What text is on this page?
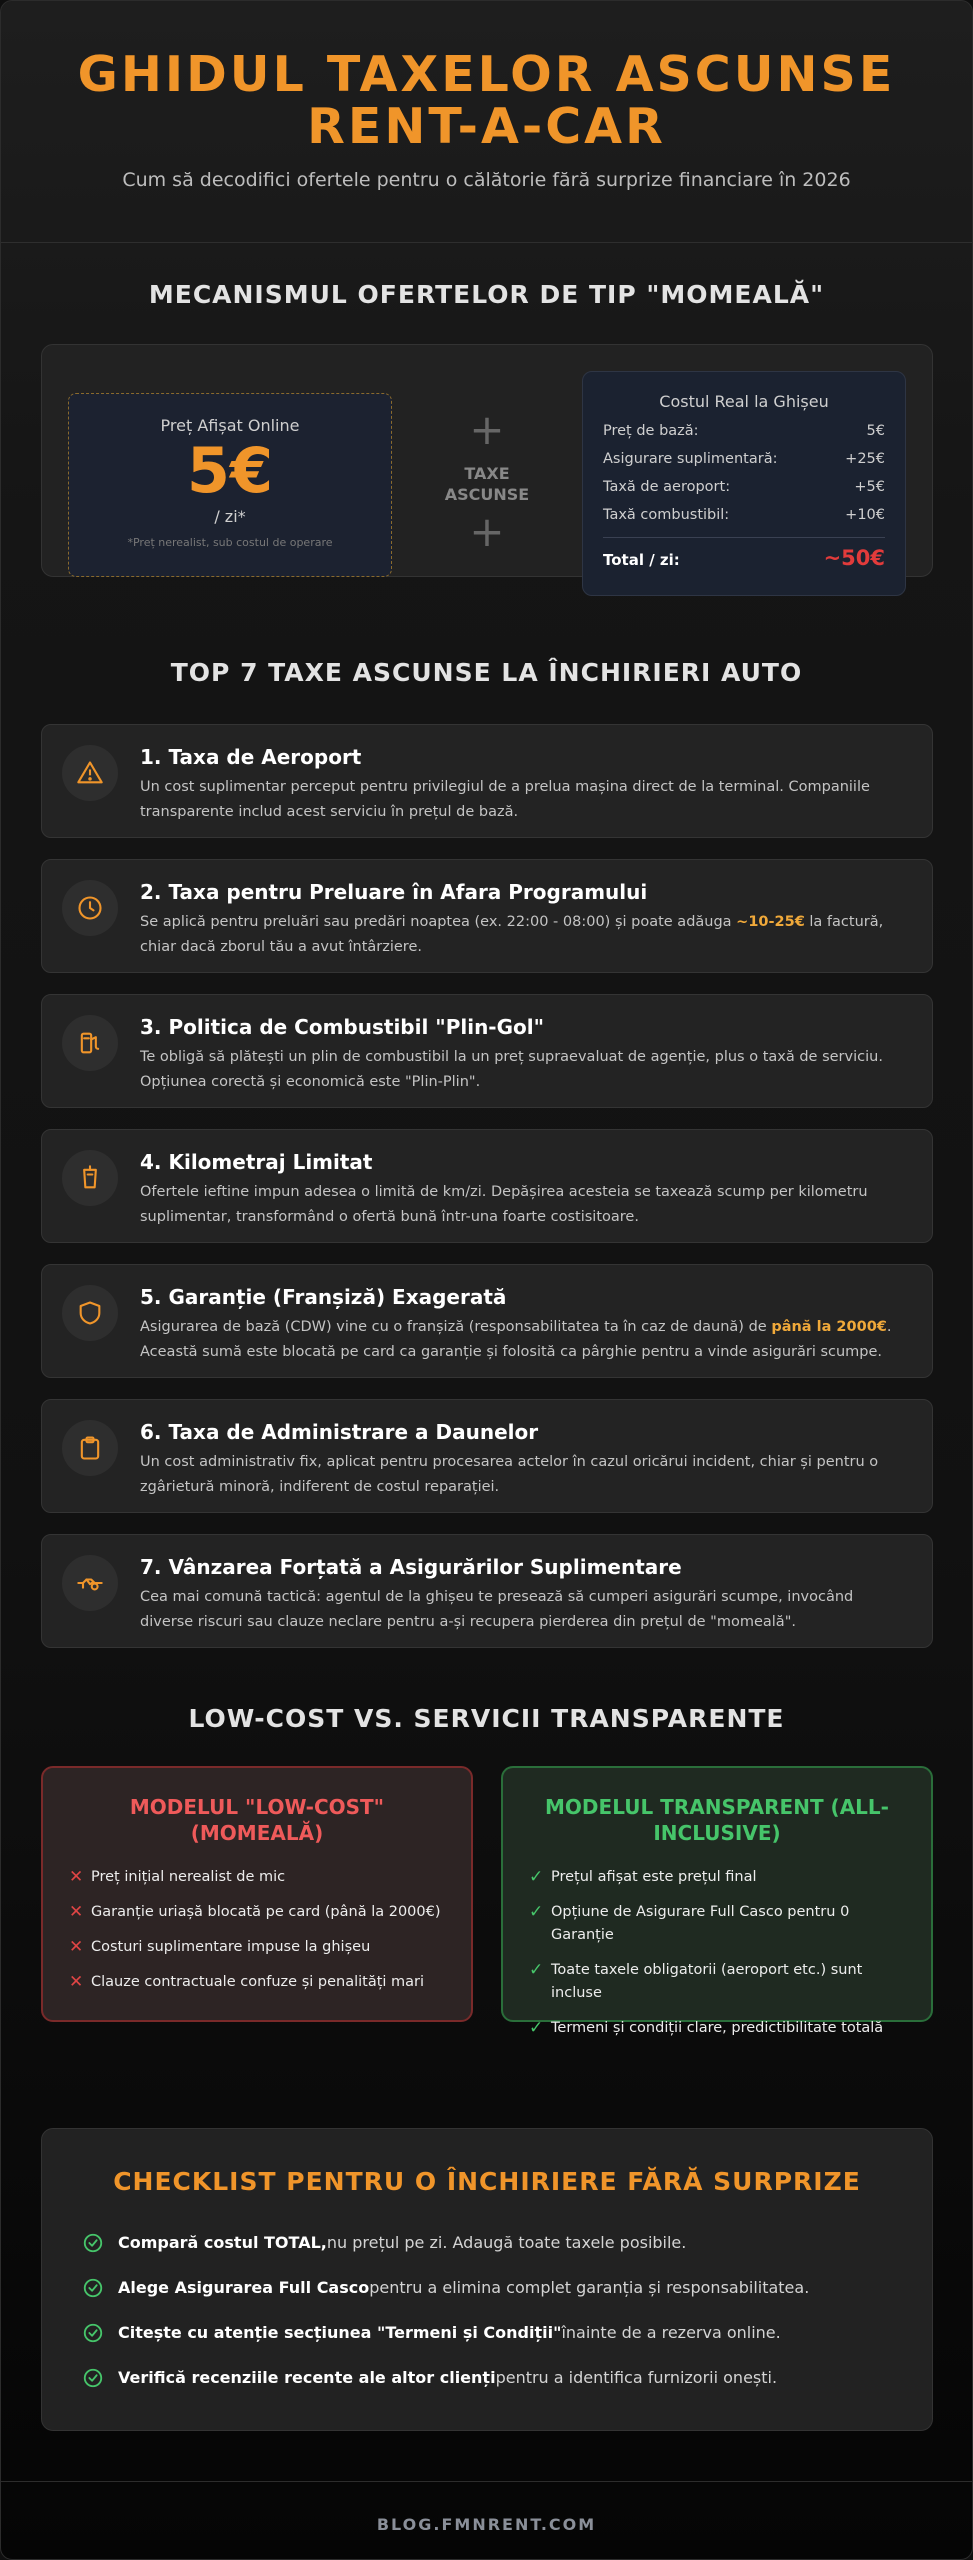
GHIDUL TAXELOR ASCUNSE
RENT-A-CAR
Cum să decodifici ofertele pentru o călătorie fără surprize financiare în 2026
MECANISMUL OFERTELOR DE TIP "MOMEALĂ"
Preț Afișat Online
5€
/ zi*
*Preț nerealist, sub costul de operare
+
TAXE
ASCUNSE
+
Costul Real la Ghișeu
Preț de bază:	5€
Asigurare suplimentară:	+25€
Taxă de aeroport:	+5€
Taxă combustibil:	+10€
Total / zi:	~50€
TOP 7 TAXE ASCUNSE LA ÎNCHIRIERI AUTO
1. Taxa de Aeroport
Un cost suplimentar perceput pentru privilegiul de a prelua mașina direct de la terminal. Companiile transparente includ acest serviciu în prețul de bază.
2. Taxa pentru Preluare în Afara Programului
Se aplică pentru preluări sau predări noaptea (ex. 22:00 - 08:00) și poate adăuga ~10-25€ la factură, chiar dacă zborul tău a avut întârziere.
3. Politica de Combustibil "Plin-Gol"
Te obligă să plătești un plin de combustibil la un preț supraevaluat de agenție, plus o taxă de serviciu. Opțiunea corectă și economică este "Plin-Plin".
4. Kilometraj Limitat
Ofertele ieftine impun adesea o limită de km/zi. Depășirea acesteia se taxează scump per kilometru suplimentar, transformând o ofertă bună într-una foarte costisitoare.
5. Garanție (Franșiză) Exagerată
Asigurarea de bază (CDW) vine cu o franșiză (responsabilitatea ta în caz de daună) de până la 2000€. Această sumă este blocată pe card ca garanție și folosită ca pârghie pentru a vinde asigurări scumpe.
6. Taxa de Administrare a Daunelor
Un cost administrativ fix, aplicat pentru procesarea actelor în cazul oricărui incident, chiar și pentru o zgârietură minoră, indiferent de costul reparației.
7. Vânzarea Forțată a Asigurărilor Suplimentare
Cea mai comună tactică: agentul de la ghișeu te presează să cumperi asigurări scumpe, invocând diverse riscuri sau clauze neclare pentru a-și recupera pierderea din prețul de "momeală".
LOW-COST VS. SERVICII TRANSPARENTE
MODELUL "LOW-COST"
(MOMEALĂ)
✕ Preț inițial nerealist de mic
✕ Garanție uriașă blocată pe card (până la 2000€)
✕ Costuri suplimentare impuse la ghișeu
✕ Clauze contractuale confuze și penalități mari
MODELUL TRANSPARENT (ALL-
INCLUSIVE)
✓ Prețul afișat este prețul final
✓ Opțiune de Asigurare Full Casco pentru 0 Garanție
✓ Toate taxele obligatorii (aeroport etc.) sunt incluse
✓ Termeni și condiții clare, predictibilitate totală
CHECKLIST PENTRU O ÎNCHIRIERE FĂRĂ SURPRIZE
Compară costul TOTAL,nu prețul pe zi. Adaugă toate taxele posibile.
Alege Asigurarea Full Cascopentru a elimina complet garanția și responsabilitatea.
Citește cu atenție secțiunea "Termeni și Condiții"înainte de a rezerva online.
Verifică recenziile recente ale altor cliențipentru a identifica furnizorii onești.
BLOG.FMNRENT.COM
